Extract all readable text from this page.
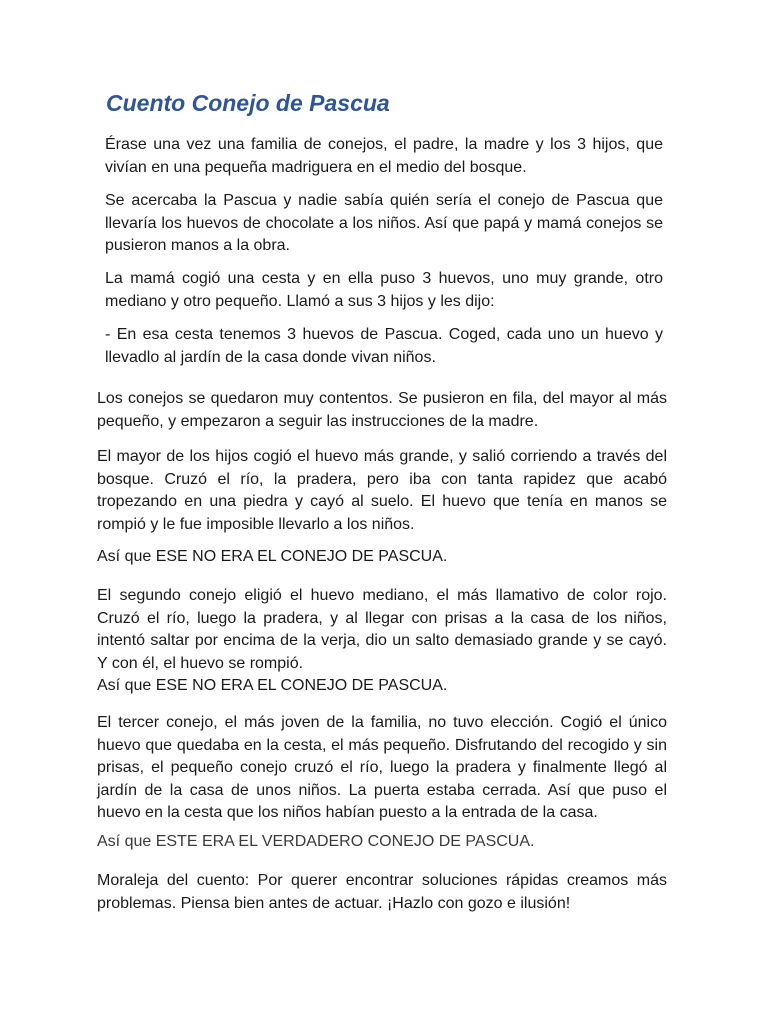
Cuento Conejo de Pascua

Érase una vez una familia de conejos, el padre, la madre y los 3 hijos, que vivían en una pequeña madriguera en el medio del bosque.

Se acercaba la Pascua y nadie sabía quién sería el conejo de Pascua que llevaría los huevos de chocolate a los niños. Así que papá y mamá conejos se pusieron manos a la obra.

La mamá cogió una cesta y en ella puso 3 huevos, uno muy grande, otro mediano y otro pequeño. Llamó a sus 3 hijos y les dijo:

- En esa cesta tenemos 3 huevos de Pascua. Coged, cada uno un huevo y llevadlo al jardín de la casa donde vivan niños.

Los conejos se quedaron muy contentos. Se pusieron en fila, del mayor al más pequeño, y empezaron a seguir las instrucciones de la madre.

El mayor de los hijos cogió el huevo más grande, y salió corriendo a través del bosque. Cruzó el río, la pradera, pero iba con tanta rapidez que acabó tropezando en una piedra y cayó al suelo. El huevo que tenía en manos se rompió y le fue imposible llevarlo a los niños.

Así que ESE NO ERA EL CONEJO DE PASCUA.

El segundo conejo eligió el huevo mediano, el más llamativo de color rojo. Cruzó el río, luego la pradera, y al llegar con prisas a la casa de los niños, intentó saltar por encima de la verja, dio un salto demasiado grande y se cayó. Y con él, el huevo se rompió.

Así que ESE NO ERA EL CONEJO DE PASCUA.

El tercer conejo, el más joven de la familia, no tuvo elección. Cogió el único huevo que quedaba en la cesta, el más pequeño. Disfrutando del recogido y sin prisas, el pequeño conejo cruzó el río, luego la pradera y finalmente llegó al jardín de la casa de unos niños. La puerta estaba cerrada. Así que puso el huevo en la cesta que los niños habían puesto a la entrada de la casa.

Así que ESTE ERA EL VERDADERO CONEJO DE PASCUA.

Moraleja del cuento: Por querer encontrar soluciones rápidas creamos más problemas. Piensa bien antes de actuar. ¡Hazlo con gozo e ilusión!
